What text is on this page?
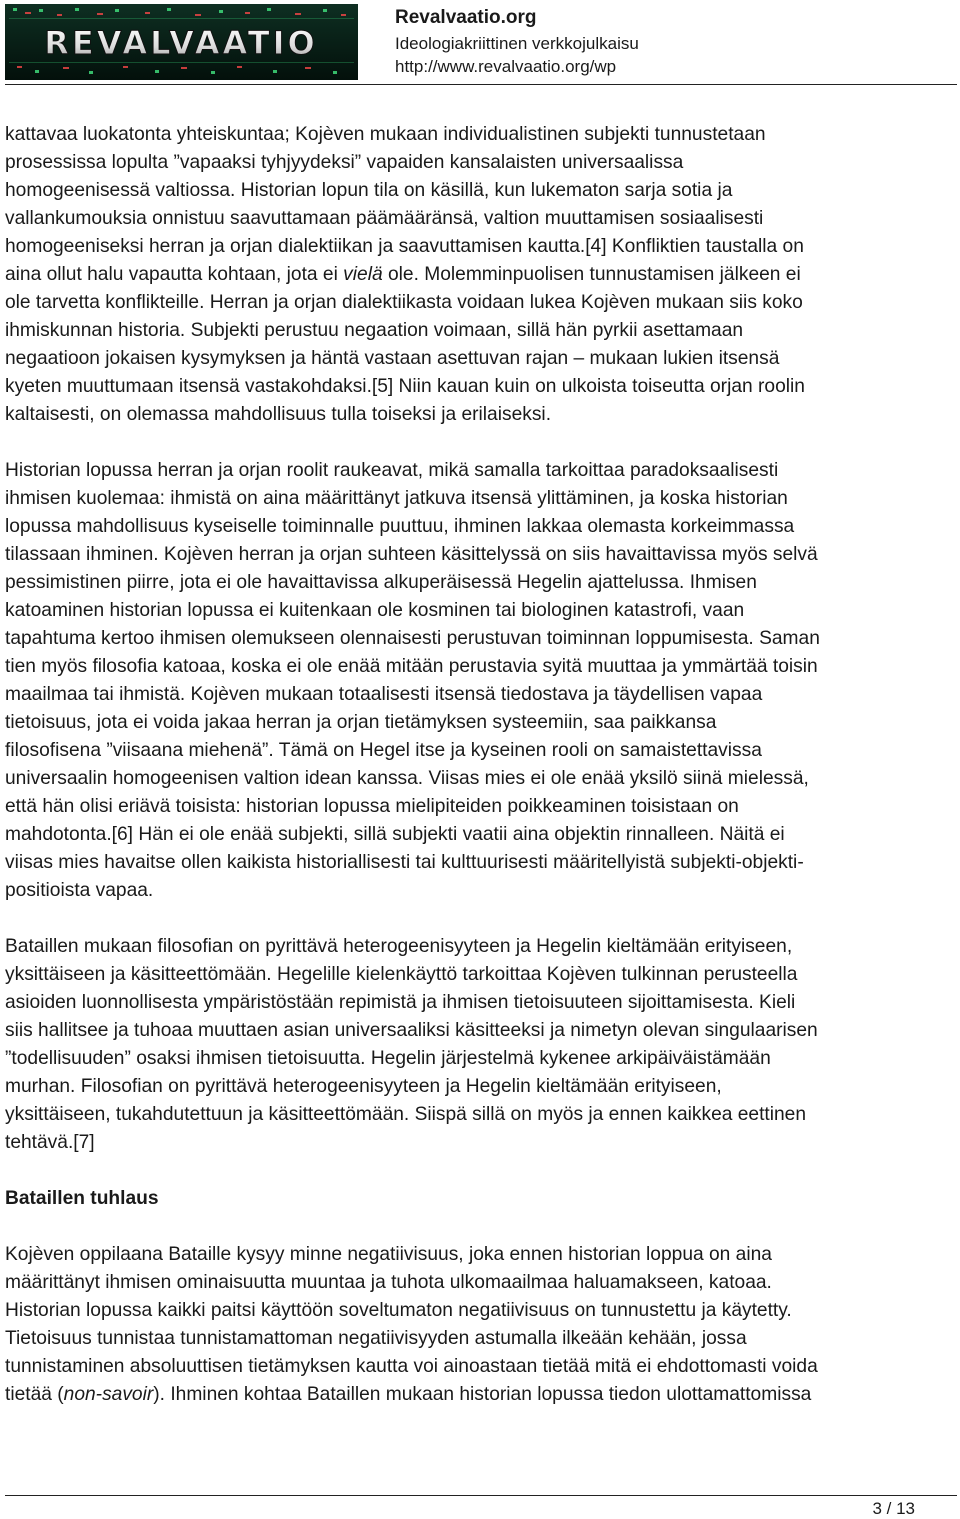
REVALVAATIO
Revalvaatio.org
Ideologiakriittinen verkkojulkaisu
http://www.revalvaatio.org/wp

kattavaa luokatonta yhteiskuntaa; Kojèven mukaan individualistinen subjekti tunnustetaan
prosessissa lopulta ”vapaaksi tyhjyydeksi” vapaiden kansalaisten universaalissa
homogeenisessä valtiossa. Historian lopun tila on käsillä, kun lukematon sarja sotia ja
vallankumouksia onnistuu saavuttamaan päämääränsä, valtion muuttamisen sosiaalisesti
homogeeniseksi herran ja orjan dialektiikan ja saavuttamisen kautta.[4] Konfliktien taustalla on
aina ollut halu vapautta kohtaan, jota ei vielä ole. Molemminpuolisen tunnustamisen jälkeen ei
ole tarvetta konflikteille. Herran ja orjan dialektiikasta voidaan lukea Kojèven mukaan siis koko
ihmiskunnan historia. Subjekti perustuu negaation voimaan, sillä hän pyrkii asettamaan
negaatioon jokaisen kysymyksen ja häntä vastaan asettuvan rajan – mukaan lukien itsensä
kyeten muuttumaan itsensä vastakohdaksi.[5] Niin kauan kuin on ulkoista toiseutta orjan roolin
kaltaisesti, on olemassa mahdollisuus tulla toiseksi ja erilaiseksi.

Historian lopussa herran ja orjan roolit raukeavat, mikä samalla tarkoittaa paradoksaalisesti
ihmisen kuolemaa: ihmistä on aina määrittänyt jatkuva itsensä ylittäminen, ja koska historian
lopussa mahdollisuus kyseiselle toiminnalle puuttuu, ihminen lakkaa olemasta korkeimmassa
tilassaan ihminen. Kojèven herran ja orjan suhteen käsittelyssä on siis havaittavissa myös selvä
pessimistinen piirre, jota ei ole havaittavissa alkuperäisessä Hegelin ajattelussa. Ihmisen
katoaminen historian lopussa ei kuitenkaan ole kosminen tai biologinen katastrofi, vaan
tapahtuma kertoo ihmisen olemukseen olennaisesti perustuvan toiminnan loppumisesta. Saman
tien myös filosofia katoaa, koska ei ole enää mitään perustavia syitä muuttaa ja ymmärtää toisin
maailmaa tai ihmistä. Kojèven mukaan totaalisesti itsensä tiedostava ja täydellisen vapaa
tietoisuus, jota ei voida jakaa herran ja orjan tietämyksen systeemiin, saa paikkansa
filosofisena ”viisaana miehenä”. Tämä on Hegel itse ja kyseinen rooli on samaistettavissa
universaalin homogeenisen valtion idean kanssa. Viisas mies ei ole enää yksilö siinä mielessä,
että hän olisi eriävä toisista: historian lopussa mielipiteiden poikkeaminen toisistaan on
mahdotonta.[6] Hän ei ole enää subjekti, sillä subjekti vaatii aina objektin rinnalleen. Näitä ei
viisas mies havaitse ollen kaikista historiallisesti tai kulttuurisesti määritellyistä subjekti-objekti-
positioista vapaa.

Bataillen mukaan filosofian on pyrittävä heterogeenisyyteen ja Hegelin kieltämään erityiseen,
yksittäiseen ja käsitteettömään. Hegelille kielenkäyttö tarkoittaa Kojèven tulkinnan perusteella
asioiden luonnollisesta ympäristöstään repimistä ja ihmisen tietoisuuteen sijoittamisesta. Kieli
siis hallitsee ja tuhoaa muuttaen asian universaaliksi käsitteeksi ja nimetyn olevan singulaarisen
”todellisuuden” osaksi ihmisen tietoisuutta. Hegelin järjestelmä kykenee arkipäiväistämään
murhan. Filosofian on pyrittävä heterogeenisyyteen ja Hegelin kieltämään erityiseen,
yksittäiseen, tukahdutettuun ja käsitteettömään. Siispä sillä on myös ja ennen kaikkea eettinen
tehtävä.[7]

Bataillen tuhlaus

Kojèven oppilaana Bataille kysyy minne negatiivisuus, joka ennen historian loppua on aina
määrittänyt ihmisen ominaisuutta muuntaa ja tuhota ulkomaailmaa haluamakseen, katoaa.
Historian lopussa kaikki paitsi käyttöön soveltumaton negatiivisuus on tunnustettu ja käytetty.
Tietoisuus tunnistaa tunnistamattoman negatiivisyyden astumalla ilkeään kehään, jossa
tunnistaminen absoluuttisen tietämyksen kautta voi ainoastaan tietää mitä ei ehdottomasti voida
tietää (non-savoir). Ihminen kohtaa Bataillen mukaan historian lopussa tiedon ulottamattomissa

3 / 13
